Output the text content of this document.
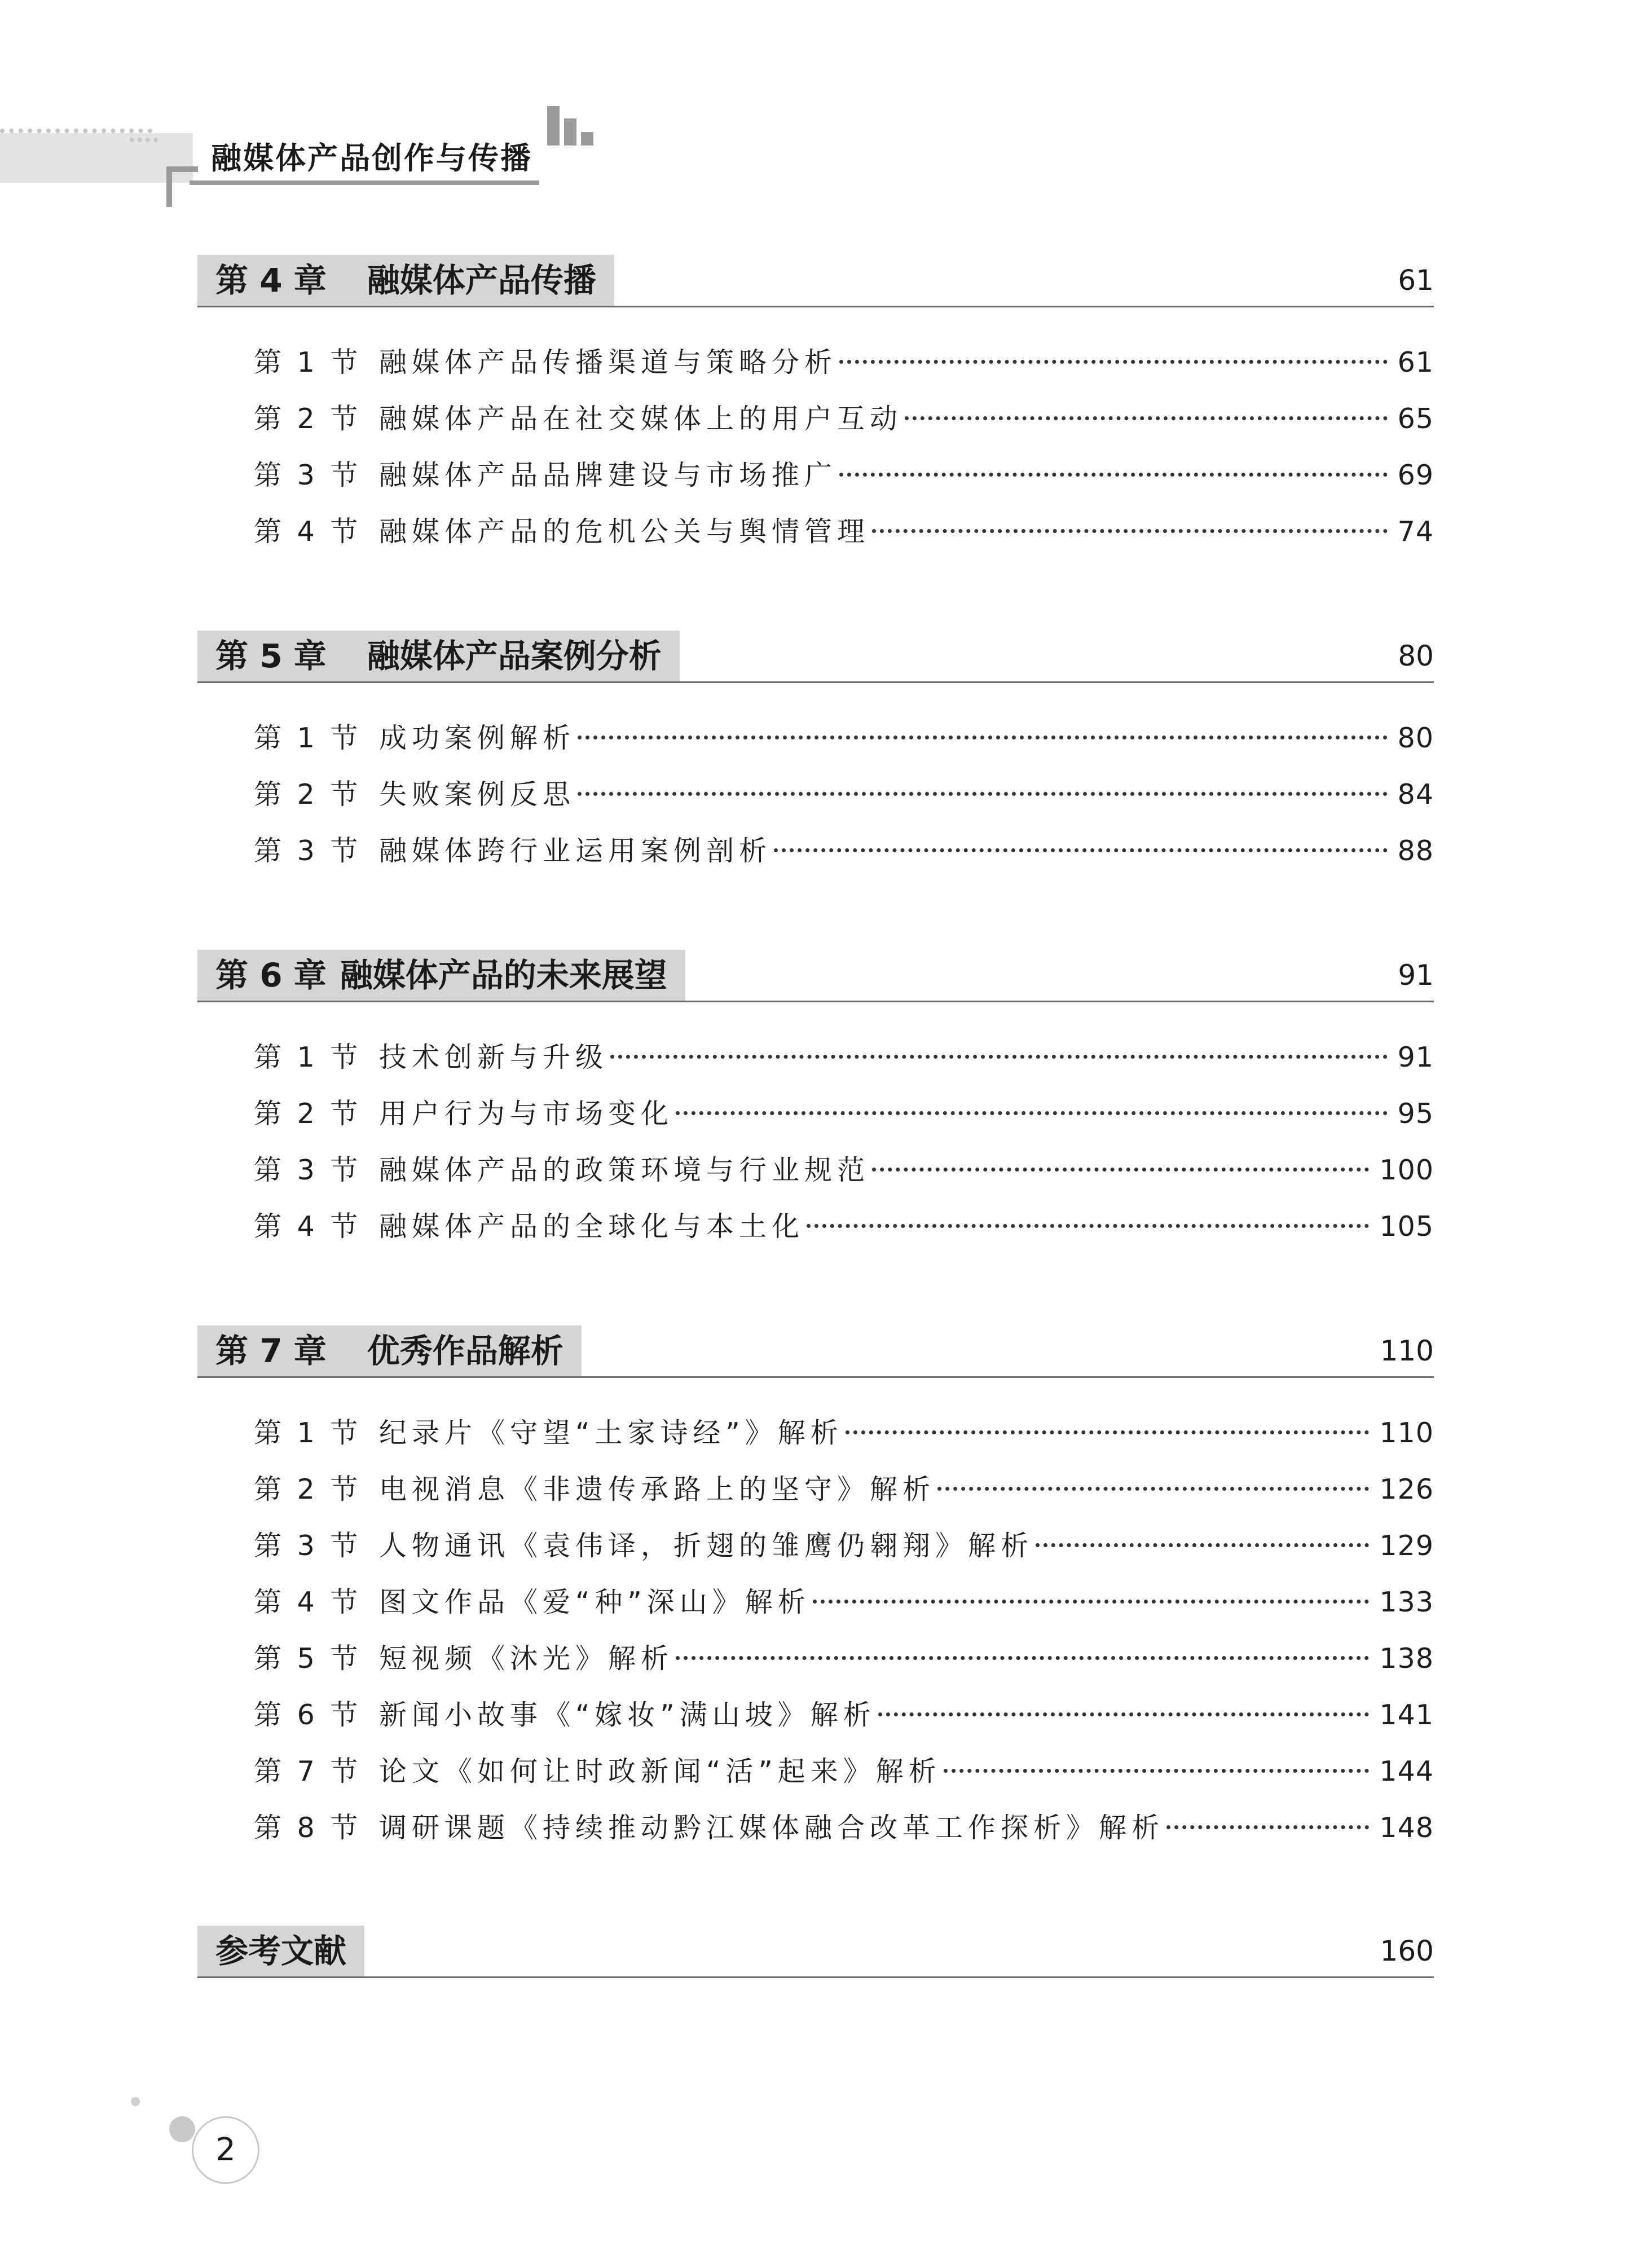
融媒体产品创作与传播
第 4 章 融媒体产品传播	61
第 1 节 融媒体产品传播渠道与策略分析	61
第 2 节 融媒体产品在社交媒体上的用户互动	65
第 3 节 融媒体产品品牌建设与市场推广	69
第 4 节 融媒体产品的危机公关与舆情管理	74
第 5 章 融媒体产品案例分析	80
第 1 节 成功案例解析	80
第 2 节 失败案例反思	84
第 3 节 融媒体跨行业运用案例剖析	88
第 6 章 融媒体产品的未来展望	91
第 1 节 技术创新与升级	91
第 2 节 用户行为与市场变化	95
第 3 节 融媒体产品的政策环境与行业规范	100
第 4 节 融媒体产品的全球化与本土化	105
第 7 章 优秀作品解析	110
第 1 节 纪录片《守望“土家诗经”》解析	110
第 2 节 电视消息《非遗传承路上的坚守》解析	126
第 3 节 人物通讯《袁伟译，折翅的雏鹰仍翱翔》解析	129
第 4 节 图文作品《爱“种”深山》解析	133
第 5 节 短视频《沐光》解析	138
第 6 节 新闻小故事《“嫁妆”满山坡》解析	141
第 7 节 论文《如何让时政新闻“活”起来》解析	144
第 8 节 调研课题《持续推动黔江媒体融合改革工作探析》解析	148
参考文献	160
2
